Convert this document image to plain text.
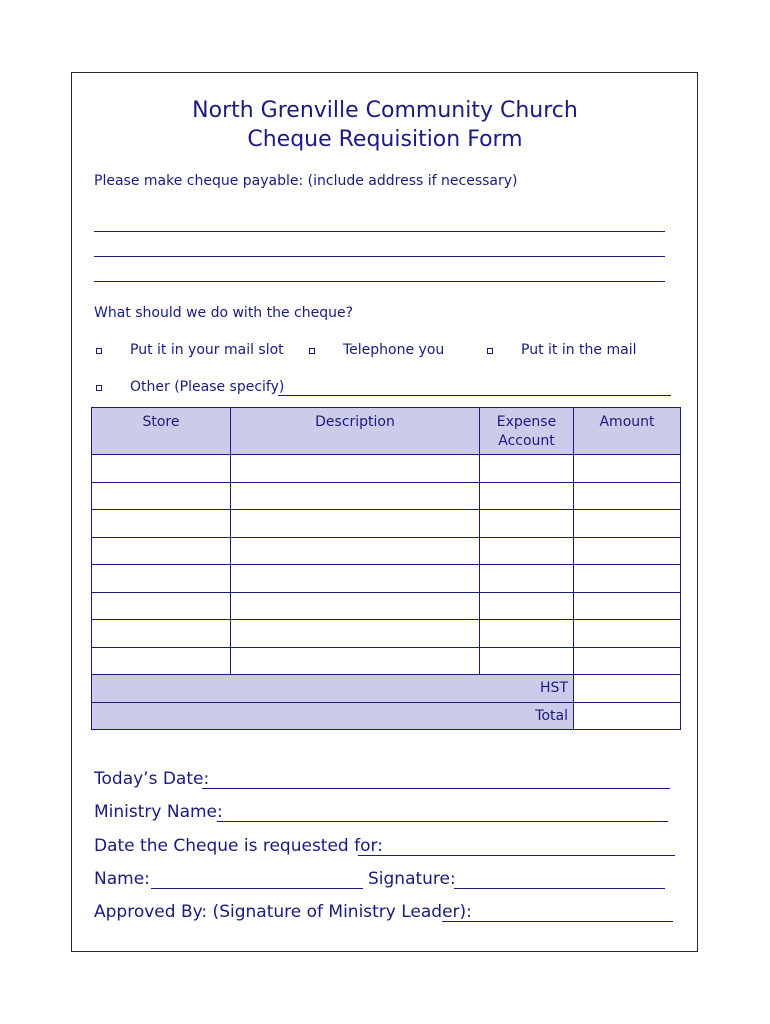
North Grenville Community Church
Cheque Requisition Form
Please make cheque payable: (include address if necessary)
What should we do with the cheque?
Put it in your mail slot	Telephone you	Put it in the mail
Other (Please specify)
Store	Description	Expense Account	Amount

HST			
Total			
Today’s Date:
Ministry Name:
Date the Cheque is requested for:
Name:	Signature:
Approved By: (Signature of Ministry Leader):
